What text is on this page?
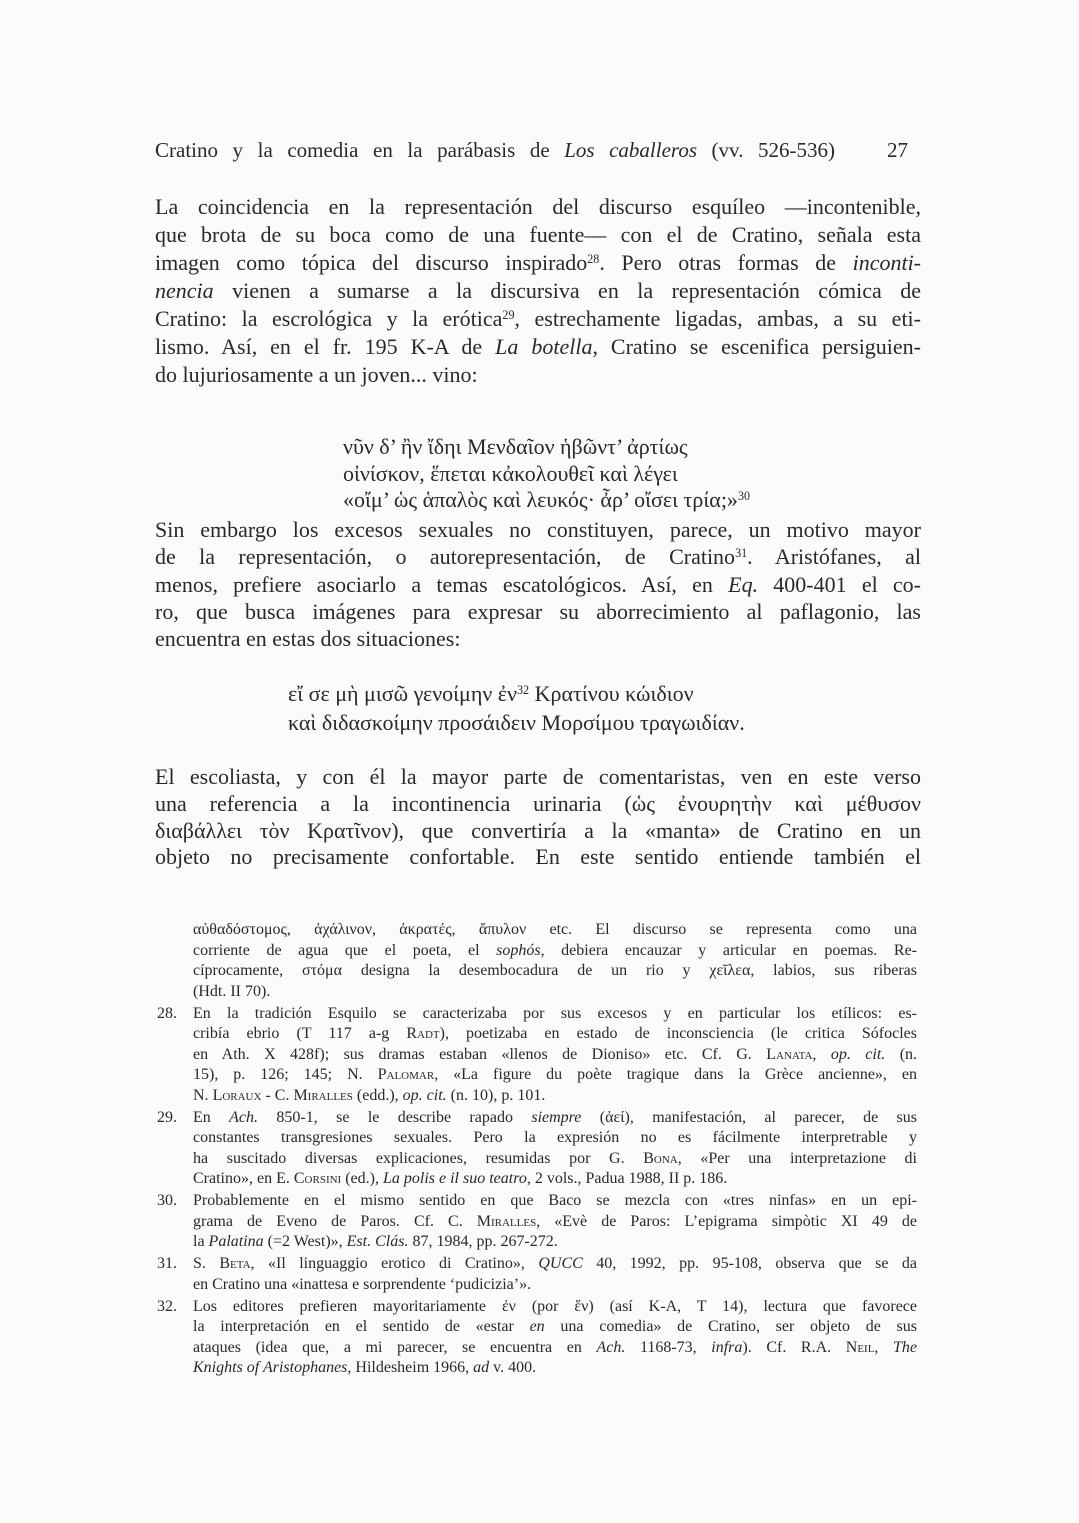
Cratino y la comedia en la parábasis de Los caballeros (vv. 526-536) 27
La coincidencia en la representación del discurso esquíleo —incontenible,
que brota de su boca como de una fuente— con el de Cratino, señala esta
imagen como tópica del discurso inspirado$^{28}$. Pero otras formas de inconti-
nencia vienen a sumarse a la discursiva en la representación cómica de
Cratino: la escrológica y la erótica$^{29}$, estrechamente ligadas, ambas, a su eti-
lismo. Así, en el fr. 195 K-A de La botella, Cratino se escenifica persiguien-
do lujuriosamente a un joven... vino:
νῦν δ’ ἢν ἴδηι Μενδαῖον ἡβῶντ’ ἀρτίως
οἰνίσκον, ἕπεται κἀκολουθεῖ καὶ λέγει
«οἴμ’ ὡς ἁπαλὸς καὶ λευκός· ἆρ’ οἴσει τρία;»$^{30}$
Sin embargo los excesos sexuales no constituyen, parece, un motivo mayor
de la representación, o autorepresentación, de Cratino$^{31}$. Aristófanes, al
menos, prefiere asociarlo a temas escatológicos. Así, en Eq. 400-401 el co-
ro, que busca imágenes para expresar su aborrecimiento al paflagonio, las
encuentra en estas dos situaciones:
εἴ σε μὴ μισῶ γενοίμην ἐν$^{32}$ Κρατίνου κώιδιον
καὶ διδασκοίμην προσάιδειν Μορσίμου τραγωιδίαν.
El escoliasta, y con él la mayor parte de comentaristas, ven en este verso
una referencia a la incontinencia urinaria (ὡς ἐνουρητὴν καὶ μέθυσον
διαβάλλει τὸν Κρατῖνον), que convertiría a la «manta» de Cratino en un
objeto no precisamente confortable. En este sentido entiende también el
αὐθαδόστομος, ἀχάλινον, ἀκρατές, ἄπυλον etc. El discurso se representa como una
corriente de agua que el poeta, el sophós, debiera encauzar y articular en poemas. Re-
cíprocamente, στόμα designa la desembocadura de un rio y χεῖλεα, labios, sus riberas
(Hdt. II 70).
28. En la tradición Esquilo se caracterizaba por sus excesos y en particular los etílicos: es-
cribía ebrio (T 117 a-g Radt), poetizaba en estado de inconsciencia (le critica Sófocles
en Ath. X 428f); sus dramas estaban «llenos de Dioniso» etc. Cf. G. Lanata, op. cit. (n.
15), p. 126; 145; N. Palomar, «La figure du poète tragique dans la Grèce ancienne», en
N. Loraux - C. Miralles (edd.), op. cit. (n. 10), p. 101.
29. En Ach. 850-1, se le describe rapado siempre (ἀεί), manifestación, al parecer, de sus
constantes transgresiones sexuales. Pero la expresión no es fácilmente interpretrable y
ha suscitado diversas explicaciones, resumidas por G. Bona, «Per una interpretazione di
Cratino», en E. Corsini (ed.), La polis e il suo teatro, 2 vols., Padua 1988, II p. 186.
30. Probablemente en el mismo sentido en que Baco se mezcla con «tres ninfas» en un epi-
grama de Eveno de Paros. Cf. C. Miralles, «Evè de Paros: L’epigrama simpòtic XI 49 de
la Palatina (=2 West)», Est. Clás. 87, 1984, pp. 267-272.
31. S. Beta, «Il linguaggio erotico di Cratino», QUCC 40, 1992, pp. 95-108, observa que se da
en Cratino una «inattesa e sorprendente ‘pudicizia’».
32. Los editores prefieren mayoritariamente ἐν (por ἕν) (así K-A, T 14), lectura que favorece
la interpretación en el sentido de «estar en una comedia» de Cratino, ser objeto de sus
ataques (idea que, a mi parecer, se encuentra en Ach. 1168-73, infra). Cf. R.A. Neil, The
Knights of Aristophanes, Hildesheim 1966, ad v. 400.
